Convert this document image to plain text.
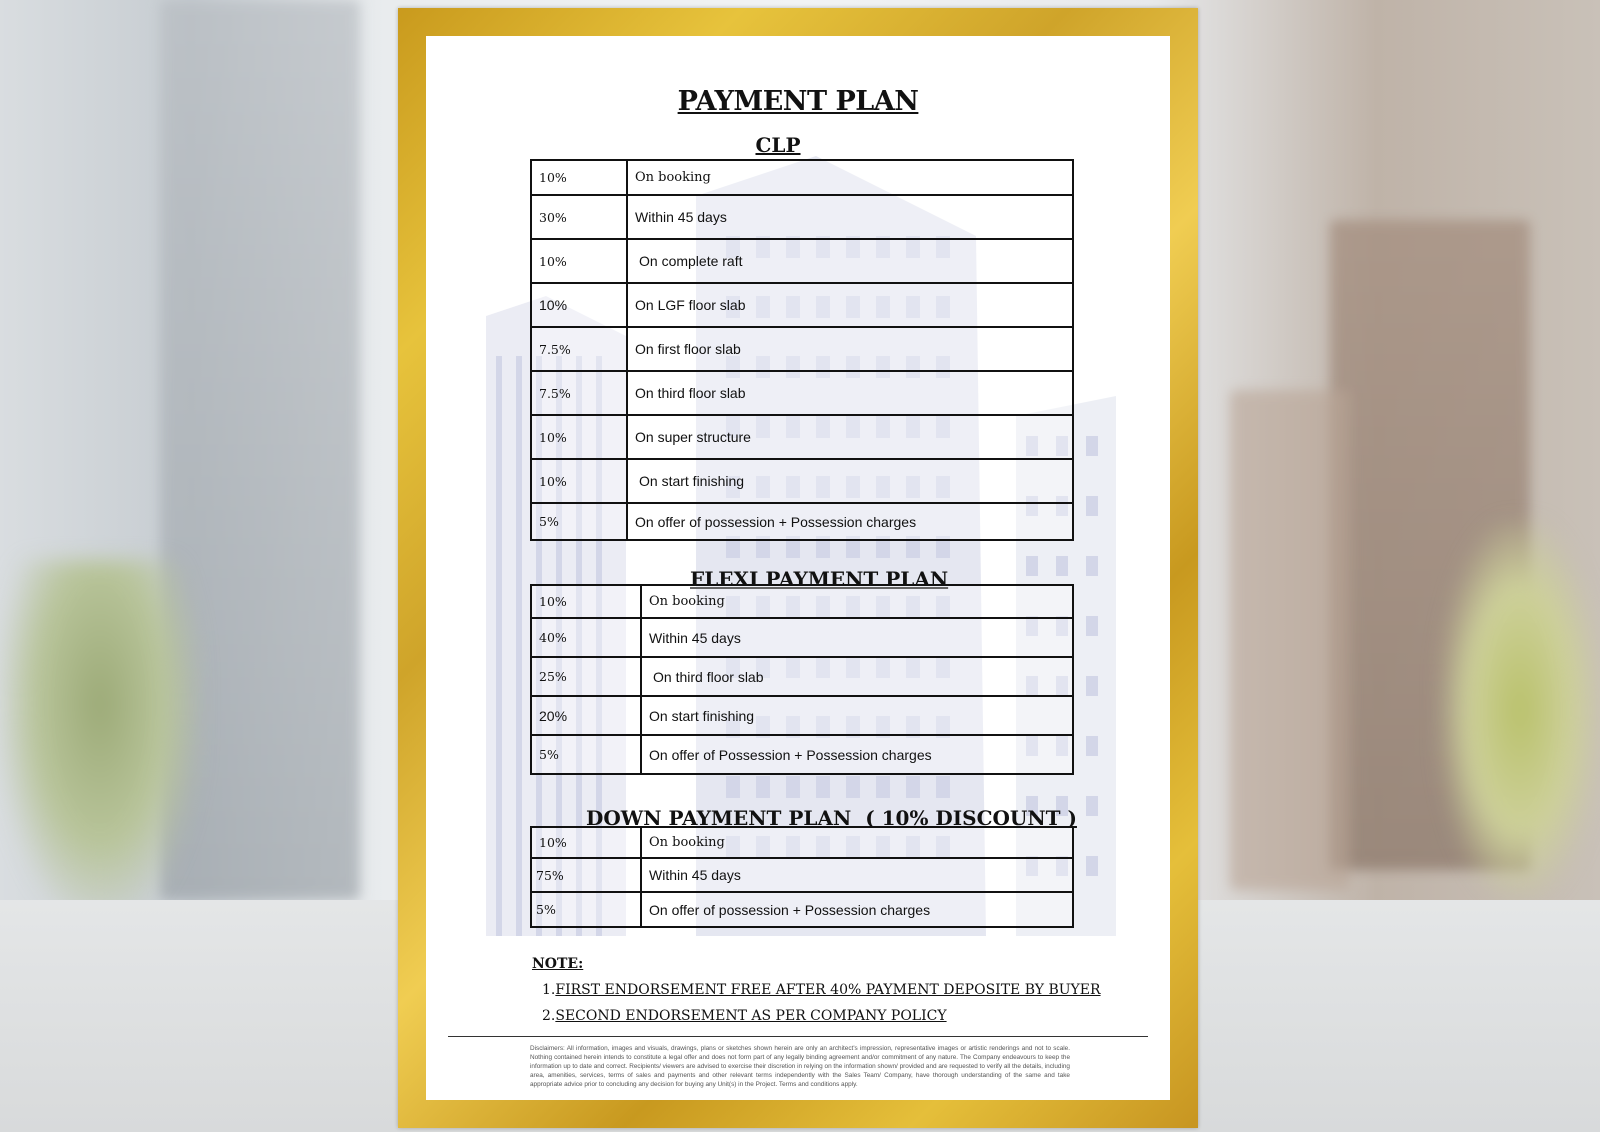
PAYMENT PLAN
CLP
10%	On booking
30%	Within 45 days
10%	On complete raft
10%	On LGF floor slab
7.5%	On first floor slab
7.5%	On third floor slab
10%	On super structure
10%	On start finishing
5%	On offer of possession + Possession charges
FLEXI PAYMENT PLAN
10%	On booking
40%	Within 45 days
25%	On third floor slab
20%	On start finishing
5%	On offer of Possession + Possession charges
DOWN PAYMENT PLAN ( 10% DISCOUNT )
10%	On booking
75%	Within 45 days
5%	On offer of possession + Possession charges
NOTE:
1.FIRST ENDORSEMENT FREE AFTER 40% PAYMENT DEPOSITE BY BUYER
2.SECOND ENDORSEMENT AS PER COMPANY POLICY
Disclaimers: All information, images and visuals, drawings, plans or sketches shown herein are only an architect's impression, representative images or artistic renderings and not to scale. Nothing contained herein intends to constitute a legal offer and does not form part of any legally binding agreement and/or commitment of any nature. The Company endeavours to keep the information up to date and correct. Recipients/ viewers are advised to exercise their discretion in relying on the information shown/ provided and are requested to verify all the details, including area, amenities, services, terms of sales and payments and other relevant terms independently with the Sales Team/ Company, have thorough understanding of the same and take appropriate advice prior to concluding any decision for buying any Unit(s) in the Project. Terms and conditions apply.
